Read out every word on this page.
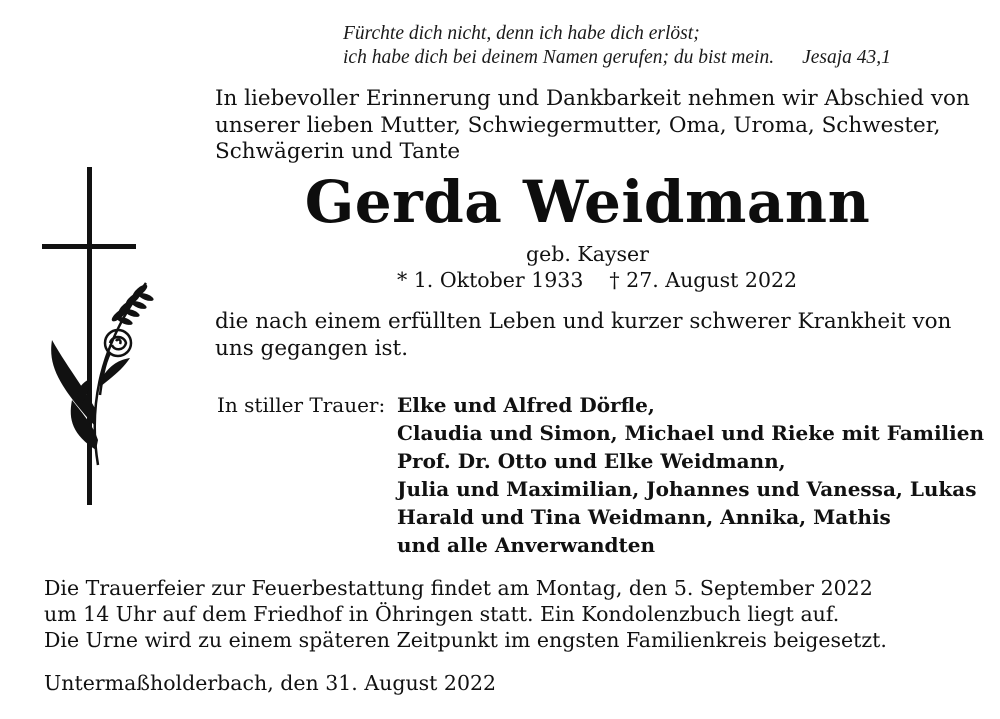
Fürchte dich nicht, denn ich habe dich erlöst;
ich habe dich bei deinem Namen gerufen; du bist mein. Jesaja 43,1
In liebevoller Erinnerung und Dankbarkeit nehmen wir Abschied von
unserer lieben Mutter, Schwiegermutter, Oma, Uroma, Schwester,
Schwägerin und Tante
Gerda Weidmann
geb. Kayser
* 1. Oktober 1933 † 27. August 2022
die nach einem erfüllten Leben und kurzer schwerer Krankheit von
uns gegangen ist.
In stiller Trauer: Elke und Alfred Dörfle,
Claudia und Simon, Michael und Rieke mit Familien
Prof. Dr. Otto und Elke Weidmann,
Julia und Maximilian, Johannes und Vanessa, Lukas
Harald und Tina Weidmann, Annika, Mathis
und alle Anverwandten
Die Trauerfeier zur Feuerbestattung findet am Montag, den 5. September 2022
um 14 Uhr auf dem Friedhof in Öhringen statt. Ein Kondolenzbuch liegt auf.
Die Urne wird zu einem späteren Zeitpunkt im engsten Familienkreis beigesetzt.
Untermaßholderbach, den 31. August 2022
